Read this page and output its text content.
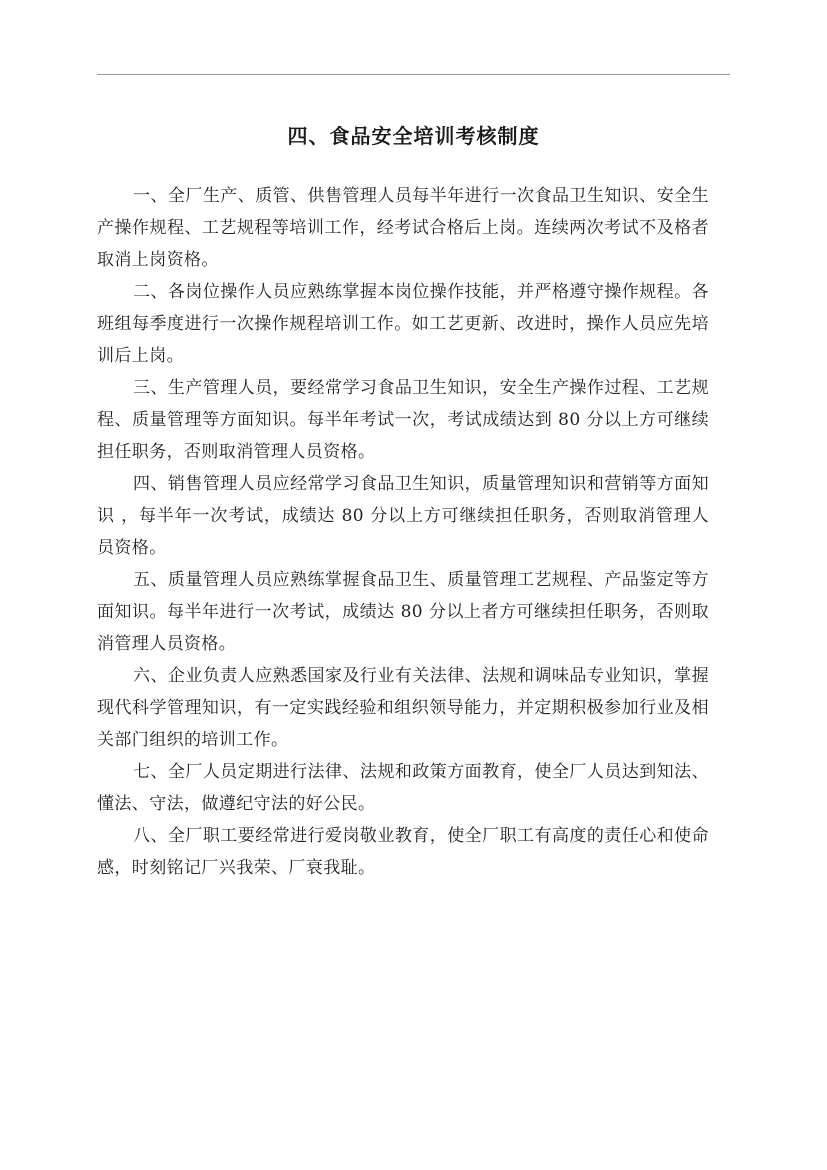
四、食品安全培训考核制度

一、全厂生产、质管、供售管理人员每半年进行一次食品卫生知识、安全生产操作规程、工艺规程等培训工作，经考试合格后上岗。连续两次考试不及格者取消上岗资格。

二、各岗位操作人员应熟练掌握本岗位操作技能，并严格遵守操作规程。各班组每季度进行一次操作规程培训工作。如工艺更新、改进时，操作人员应先培训后上岗。

三、生产管理人员，要经常学习食品卫生知识，安全生产操作过程、工艺规程、质量管理等方面知识。每半年考试一次，考试成绩达到 80 分以上方可继续担任职务，否则取消管理人员资格。

四、销售管理人员应经常学习食品卫生知识，质量管理知识和营销等方面知识 ，每半年一次考试，成绩达 80 分以上方可继续担任职务，否则取消管理人员资格。

五、质量管理人员应熟练掌握食品卫生、质量管理工艺规程、产品鉴定等方面知识。每半年进行一次考试，成绩达 80 分以上者方可继续担任职务，否则取消管理人员资格。

六、企业负责人应熟悉国家及行业有关法律、法规和调味品专业知识，掌握现代科学管理知识，有一定实践经验和组织领导能力，并定期积极参加行业及相关部门组织的培训工作。

七、全厂人员定期进行法律、法规和政策方面教育，使全厂人员达到知法、懂法、守法，做遵纪守法的好公民。

八、全厂职工要经常进行爱岗敬业教育，使全厂职工有高度的责任心和使命感，时刻铭记厂兴我荣、厂衰我耻。
